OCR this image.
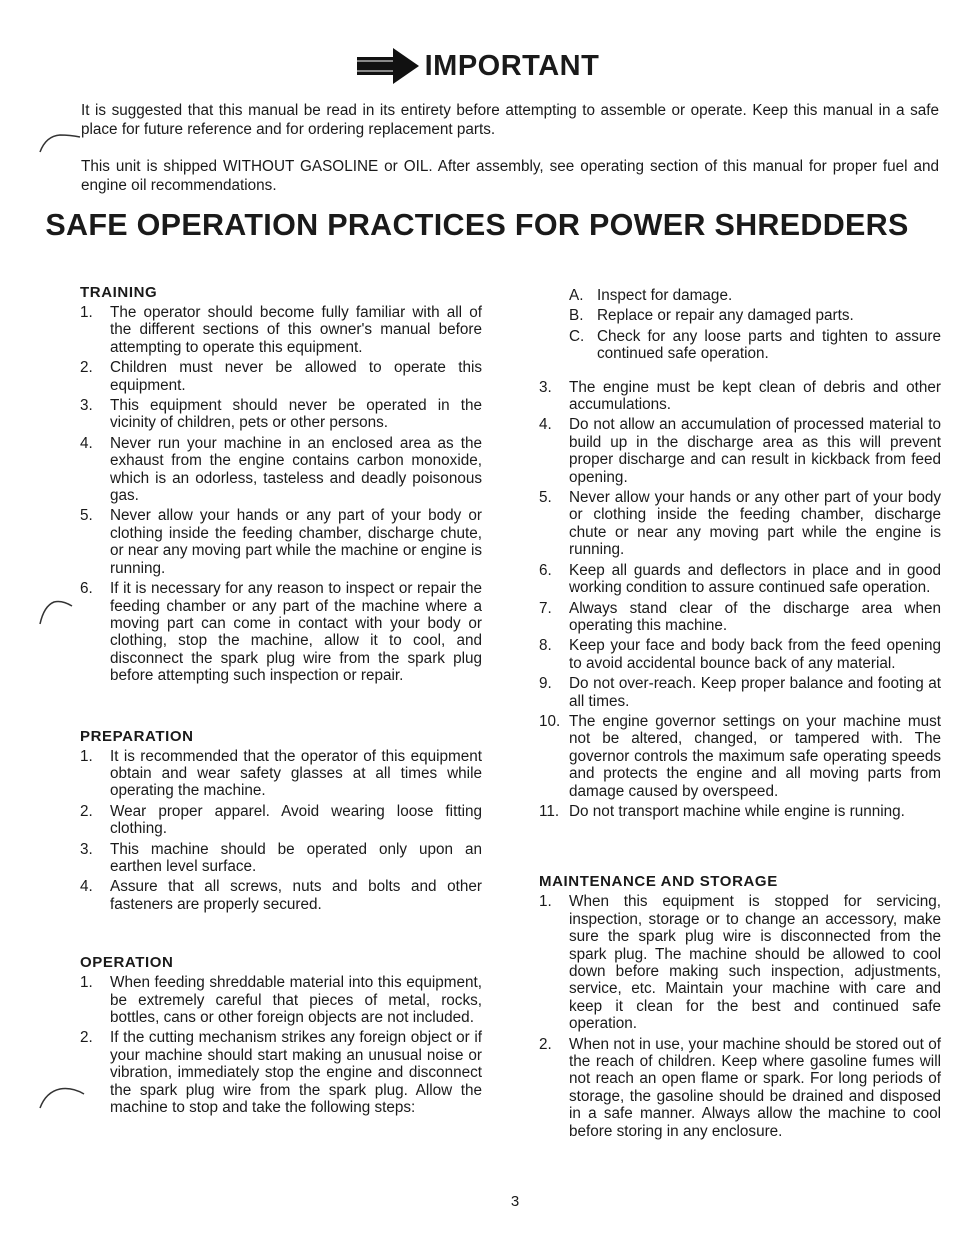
IMPORTANT

It is suggested that this manual be read in its entirety before attempting to assemble or operate. Keep this manual in a safe place for future reference and for ordering replacement parts.

This unit is shipped WITHOUT GASOLINE or OIL. After assembly, see operating section of this manual for proper fuel and engine oil recommendations.

SAFE OPERATION PRACTICES FOR POWER SHREDDERS
TRAINING
1.	The operator should become fully familiar with all of the different sections of this owner's manual before attempting to operate this equipment.
2.	Children must never be allowed to operate this equipment.
3.	This equipment should never be operated in the vicinity of children, pets or other persons.
4.	Never run your machine in an enclosed area as the exhaust from the engine contains carbon monoxide, which is an odorless, tasteless and deadly poisonous gas.
5.	Never allow your hands or any part of your body or clothing inside the feeding chamber, discharge chute, or near any moving part while the machine or engine is running.
6.	If it is necessary for any reason to inspect or repair the feeding chamber or any part of the machine where a moving part can come in contact with your body or clothing, stop the machine, allow it to cool, and disconnect the spark plug wire from the spark plug before attempting such inspection or repair.
PREPARATION
1.	It is recommended that the operator of this equipment obtain and wear safety glasses at all times while operating the machine.
2.	Wear proper apparel. Avoid wearing loose fitting clothing.
3.	This machine should be operated only upon an earthen level surface.
4.	Assure that all screws, nuts and bolts and other fasteners are properly secured.
OPERATION
1.	When feeding shreddable material into this equipment, be extremely careful that pieces of metal, rocks, bottles, cans or other foreign objects are not included.
2.	If the cutting mechanism strikes any foreign object or if your machine should start making an unusual noise or vibration, immediately stop the engine and disconnect the spark plug wire from the spark plug. Allow the machine to stop and take the following steps:
A. Inspect for damage.
B. Replace or repair any damaged parts.
C. Check for any loose parts and tighten to assure continued safe operation.
3.	The engine must be kept clean of debris and other accumulations.
4.	Do not allow an accumulation of processed material to build up in the discharge area as this will prevent proper discharge and can result in kickback from feed opening.
5.	Never allow your hands or any other part of your body or clothing inside the feeding chamber, discharge chute or near any moving part while the engine is running.
6.	Keep all guards and deflectors in place and in good working condition to assure continued safe operation.
7.	Always stand clear of the discharge area when operating this machine.
8.	Keep your face and body back from the feed opening to avoid accidental bounce back of any material.
9.	Do not over-reach. Keep proper balance and footing at all times.
10. The engine governor settings on your machine must not be altered, changed, or tampered with. The governor controls the maximum safe operating speeds and protects the engine and all moving parts from damage caused by overspeed.
11. Do not transport machine while engine is running.
MAINTENANCE AND STORAGE
1.	When this equipment is stopped for servicing, inspection, storage or to change an accessory, make sure the spark plug wire is disconnected from the spark plug. The machine should be allowed to cool down before making such inspection, adjustments, service, etc. Maintain your machine with care and keep it clean for the best and continued safe operation.
2.	When not in use, your machine should be stored out of the reach of children. Keep where gasoline fumes will not reach an open flame or spark. For long periods of storage, the gasoline should be drained and disposed in a safe manner. Always allow the machine to cool before storing in any enclosure.
3
